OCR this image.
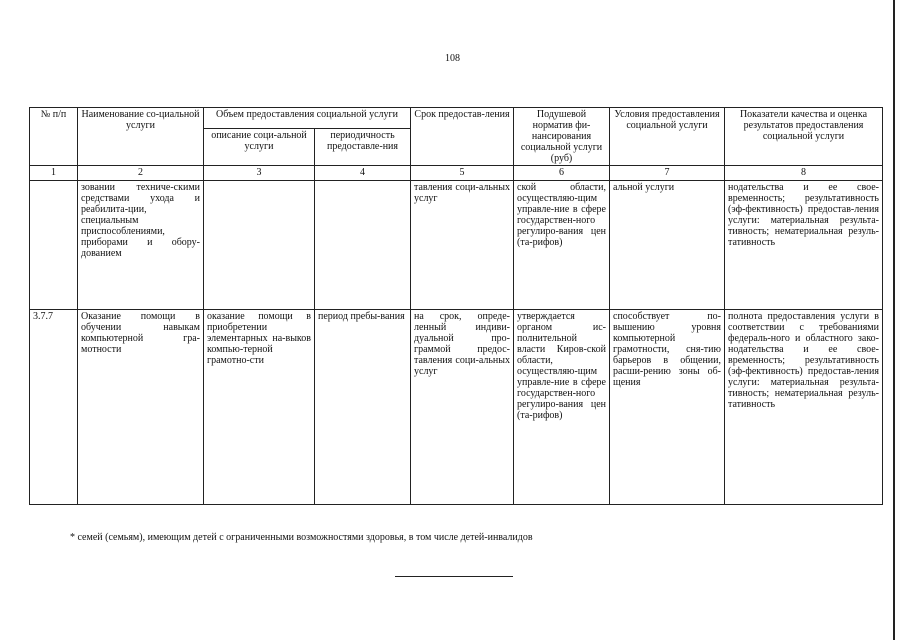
108
№ п/п	Наименование со-циальной услуги	Объем предоставления социальной услуги		Срок предостав-ления	Подушевой норматив фи-нансирования социальной услуги (руб)	Условия предоставления социальной услуги	Показатели качества и оценка результатов предоставления социальной услуги
		описание соци-альной услуги	периодичность предоставле-ния				
1	2	3	4	5	6	7	8
	зовании техниче-скими средствами ухода и реабилита-ции, специальным приспособлениями, приборами и обору-дованием			тавления соци-альных услуг	ской области, осуществляю-щим управле-ние в сфере государствен-ного регулиро-вания цен (та-рифов)	альной услуги	нодательства и ее свое-временность; результативность (эф-фективность) предостав-ления услуги: материальная результа-тивность; нематериальная резуль-тативность
3.7.7	Оказание помощи в обучении навыкам компьютерной гра-мотности	оказание помощи в приобретении элементарных на-выков компью-терной грамотно-сти	период пребы-вания	на срок, опреде-ленный индиви-дуальной про-граммой предос-тавления соци-альных услуг	утверждается органом ис-полнительной власти Киров-ской области, осуществляю-щим управле-ние в сфере государствен-ного регулиро-вания цен (та-рифов)	способствует по-вышению уровня компьютерной грамотности, сня-тию барьеров в общении, расши-рению зоны об-щения	полнота предоставления услуги в соответствии с требованиями федераль-ного и областного зако-нодательства и ее свое-временность; результативность (эф-фективность) предостав-ления услуги: материальная результа-тивность; нематериальная резуль-тативность
* семей (семьям), имеющим детей с ограниченными возможностями здоровья, в том числе детей-инвалидов
